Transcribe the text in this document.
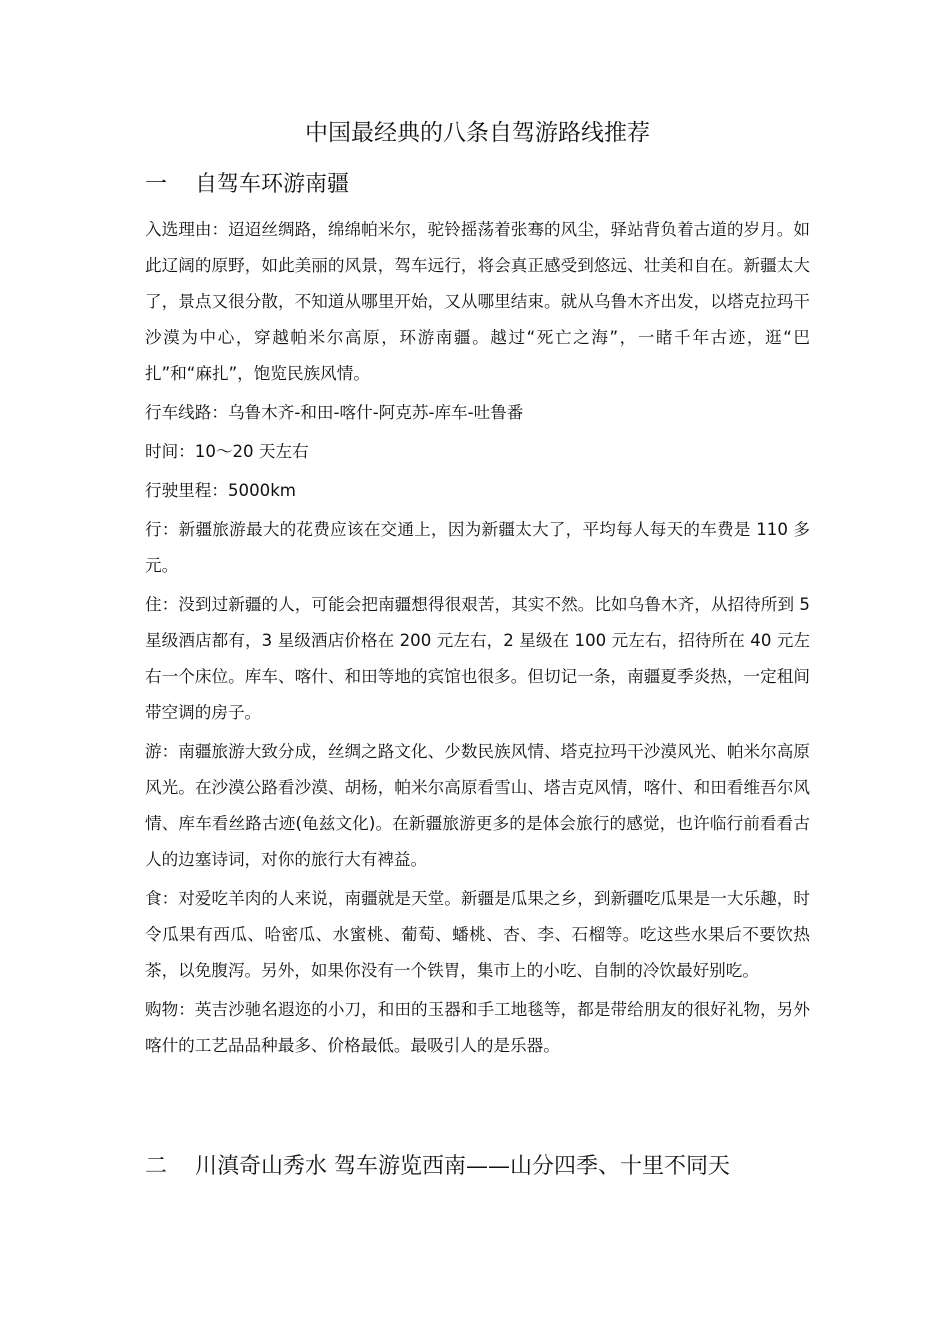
中国最经典的八条自驾游路线推荐
一 自驾车环游南疆

入选理由：迢迢丝绸路，绵绵帕米尔，驼铃摇荡着张骞的风尘，驿站背负着古道的岁月。如此辽阔的原野，如此美丽的风景，驾车远行，将会真正感受到悠远、壮美和自在。新疆太大了，景点又很分散，不知道从哪里开始，又从哪里结束。就从乌鲁木齐出发，以塔克拉玛干沙漠为中心，穿越帕米尔高原，环游南疆。越过“死亡之海”，一睹千年古迹，逛“巴扎”和“麻扎”，饱览民族风情。

行车线路：乌鲁木齐-和田-喀什-阿克苏-库车-吐鲁番

时间：10～20 天左右

行驶里程：5000km

行：新疆旅游最大的花费应该在交通上，因为新疆太大了，平均每人每天的车费是 110 多元。

住：没到过新疆的人，可能会把南疆想得很艰苦，其实不然。比如乌鲁木齐，从招待所到 5 星级酒店都有，3 星级酒店价格在 200 元左右，2 星级在 100 元左右，招待所在 40 元左右一个床位。库车、喀什、和田等地的宾馆也很多。但切记一条，南疆夏季炎热，一定租间带空调的房子。

游：南疆旅游大致分成，丝绸之路文化、少数民族风情、塔克拉玛干沙漠风光、帕米尔高原风光。在沙漠公路看沙漠、胡杨，帕米尔高原看雪山、塔吉克风情，喀什、和田看维吾尔风情、库车看丝路古迹(龟兹文化)。在新疆旅游更多的是体会旅行的感觉，也许临行前看看古人的边塞诗词，对你的旅行大有裨益。

食：对爱吃羊肉的人来说，南疆就是天堂。新疆是瓜果之乡，到新疆吃瓜果是一大乐趣，时令瓜果有西瓜、哈密瓜、水蜜桃、葡萄、蟠桃、杏、李、石榴等。吃这些水果后不要饮热茶，以免腹泻。另外，如果你没有一个铁胃，集市上的小吃、自制的冷饮最好别吃。

购物：英吉沙驰名遐迩的小刀，和田的玉器和手工地毯等，都是带给朋友的很好礼物，另外喀什的工艺品品种最多、价格最低。最吸引人的是乐器。

二 川滇奇山秀水 驾车游览西南——山分四季、十里不同天
